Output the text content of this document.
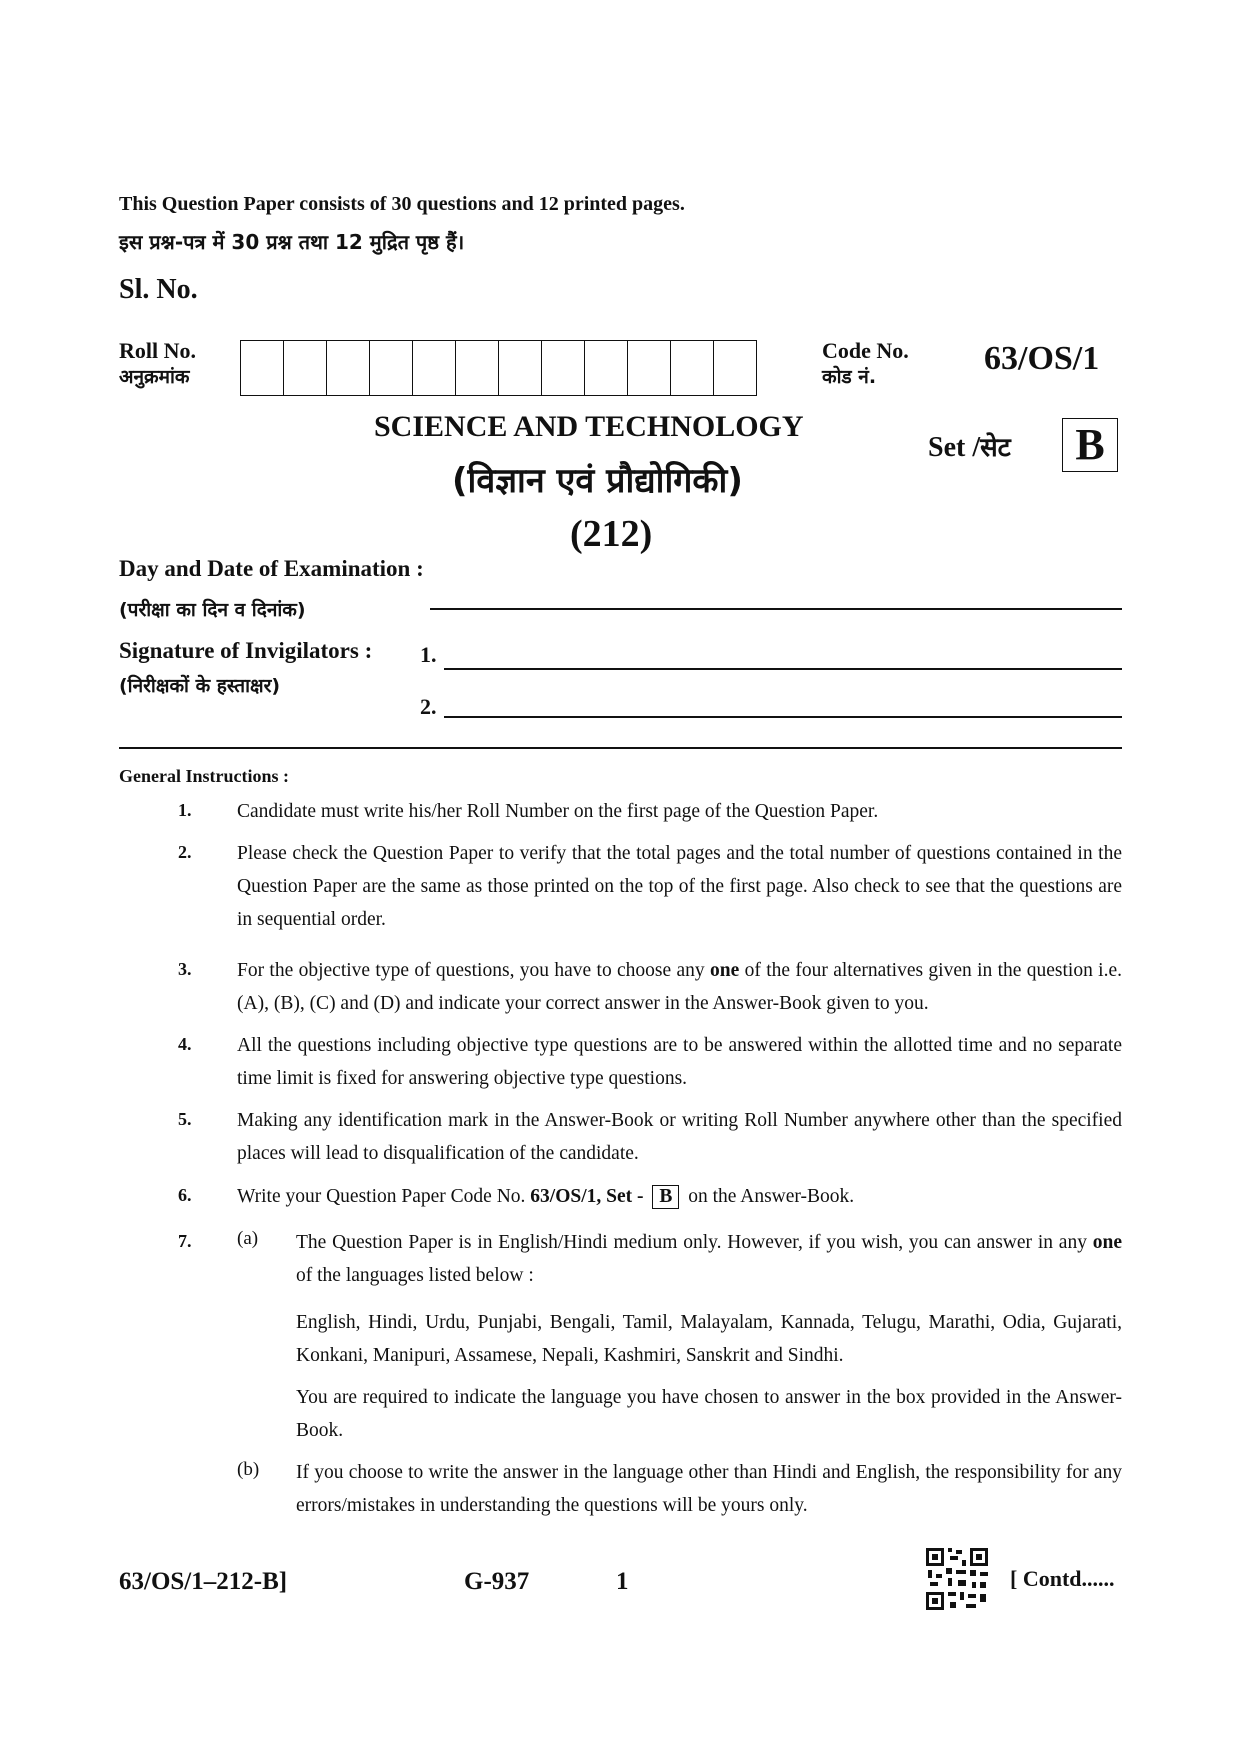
This Question Paper consists of 30 questions and 12 printed pages.
इस प्रश्न-पत्र में 30 प्रश्न तथा 12 मुद्रित पृष्ठ हैं।
Sl. No.
Roll No.
अनुक्रमांक
Code No.
कोड नं.	63/OS/1
SCIENCE AND TECHNOLOGY
(विज्ञान एवं प्रौद्योगिकी)
(212)
Set /सेट	B
Day and Date of Examination :
(परीक्षा का दिन व दिनांक)
Signature of Invigilators :
(निरीक्षकों के हस्ताक्षर)
1.
2.
General Instructions :
1. Candidate must write his/her Roll Number on the first page of the Question Paper.
2. Please check the Question Paper to verify that the total pages and the total number of questions contained in the Question Paper are the same as those printed on the top of the first page. Also check to see that the questions are in sequential order.
3. For the objective type of questions, you have to choose any one of the four alternatives given in the question i.e. (A), (B), (C) and (D) and indicate your correct answer in the Answer-Book given to you.
4. All the questions including objective type questions are to be answered within the allotted time and no separate time limit is fixed for answering objective type questions.
5. Making any identification mark in the Answer-Book or writing Roll Number anywhere other than the specified places will lead to disqualification of the candidate.
6. Write your Question Paper Code No. 63/OS/1, Set - B on the Answer-Book.
7. (a) The Question Paper is in English/Hindi medium only. However, if you wish, you can answer in any one of the languages listed below :
English, Hindi, Urdu, Punjabi, Bengali, Tamil, Malayalam, Kannada, Telugu, Marathi, Odia, Gujarati, Konkani, Manipuri, Assamese, Nepali, Kashmiri, Sanskrit and Sindhi.
You are required to indicate the language you have chosen to answer in the box provided in the Answer-Book.
(b) If you choose to write the answer in the language other than Hindi and English, the responsibility for any errors/mistakes in understanding the questions will be yours only.
63/OS/1–212-B]	G-937	1	[ Contd......
